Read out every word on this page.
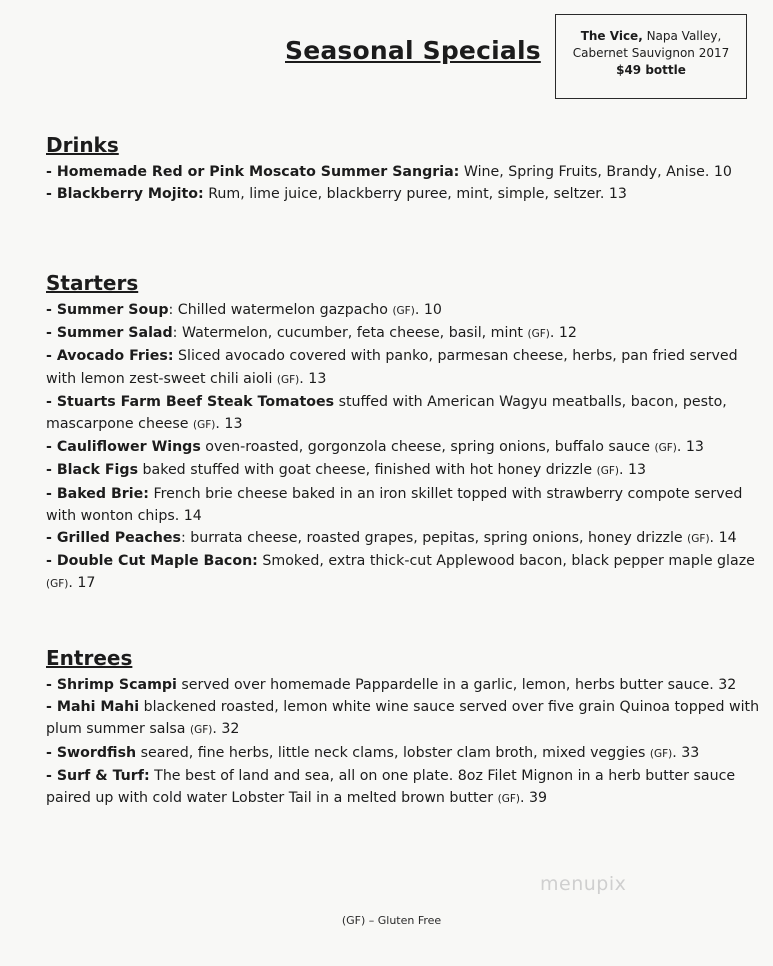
Seasonal Specials	The Vice, Napa Valley,
Cabernet Sauvignon 2017
$49 bottle
Drinks

- Homemade Red or Pink Moscato Summer Sangria: Wine, Spring Fruits, Brandy, Anise. 10

- Blackberry Mojito: Rum, lime juice, blackberry puree, mint, simple, seltzer. 13

Starters

- Summer Soup: Chilled watermelon gazpacho (GF). 10

- Summer Salad: Watermelon, cucumber, feta cheese, basil, mint (GF). 12

- Avocado Fries: Sliced avocado covered with panko, parmesan cheese, herbs, pan fried served with lemon zest-sweet chili aioli (GF). 13

- Stuarts Farm Beef Steak Tomatoes stuffed with American Wagyu meatballs, bacon, pesto, mascarpone cheese (GF). 13

- Cauliflower Wings oven-roasted, gorgonzola cheese, spring onions, buffalo sauce (GF). 13

- Black Figs baked stuffed with goat cheese, finished with hot honey drizzle (GF). 13

- Baked Brie: French brie cheese baked in an iron skillet topped with strawberry compote served with wonton chips. 14

- Grilled Peaches: burrata cheese, roasted grapes, pepitas, spring onions, honey drizzle (GF). 14

- Double Cut Maple Bacon: Smoked, extra thick-cut Applewood bacon, black pepper maple glaze (GF). 17

Entrees

- Shrimp Scampi served over homemade Pappardelle in a garlic, lemon, herbs butter sauce. 32

- Mahi Mahi blackened roasted, lemon white wine sauce served over five grain Quinoa topped with plum summer salsa (GF). 32

- Swordfish seared, fine herbs, little neck clams, lobster clam broth, mixed veggies (GF). 33

- Surf & Turf: The best of land and sea, all on one plate. 8oz Filet Mignon in a herb butter sauce paired up with cold water Lobster Tail in a melted brown butter (GF). 39

menupix
(GF) – Gluten Free
